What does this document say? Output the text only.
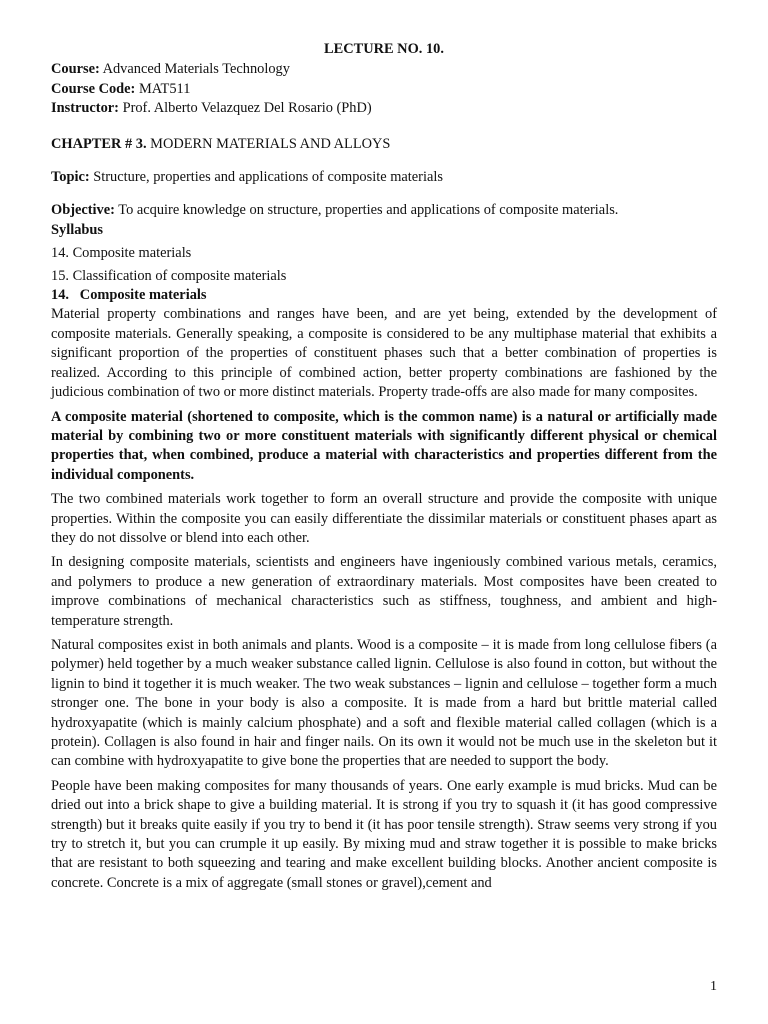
LECTURE NO. 10.
Course: Advanced Materials Technology
Course Code: MAT511
Instructor: Prof. Alberto Velazquez Del Rosario (PhD)
CHAPTER # 3. MODERN MATERIALS AND ALLOYS
Topic: Structure, properties and applications of composite materials
Objective: To acquire knowledge on structure, properties and applications of composite materials.
Syllabus
14. Composite materials
15. Classification of composite materials
14. Composite materials

Material property combinations and ranges have been, and are yet being, extended by the development of composite materials. Generally speaking, a composite is considered to be any multiphase material that exhibits a significant proportion of the properties of constituent phases such that a better combination of properties is realized. According to this principle of combined action, better property combinations are fashioned by the judicious combination of two or more distinct materials. Property trade-offs are also made for many composites.

A composite material (shortened to composite, which is the common name) is a natural or artificially made material by combining two or more constituent materials with significantly different physical or chemical properties that, when combined, produce a material with characteristics and properties different from the individual components.

The two combined materials work together to form an overall structure and provide the composite with unique properties. Within the composite you can easily differentiate the dissimilar materials or constituent phases apart as they do not dissolve or blend into each other.

In designing composite materials, scientists and engineers have ingeniously combined various metals, ceramics, and polymers to produce a new generation of extraordinary materials. Most composites have been created to improve combinations of mechanical characteristics such as stiffness, toughness, and ambient and high-temperature strength.

Natural composites exist in both animals and plants. Wood is a composite – it is made from long cellulose fibers (a polymer) held together by a much weaker substance called lignin. Cellulose is also found in cotton, but without the lignin to bind it together it is much weaker. The two weak substances – lignin and cellulose – together form a much stronger one. The bone in your body is also a composite. It is made from a hard but brittle material called hydroxyapatite (which is mainly calcium phosphate) and a soft and flexible material called collagen (which is a protein). Collagen is also found in hair and finger nails. On its own it would not be much use in the skeleton but it can combine with hydroxyapatite to give bone the properties that are needed to support the body.

People have been making composites for many thousands of years. One early example is mud bricks. Mud can be dried out into a brick shape to give a building material. It is strong if you try to squash it (it has good compressive strength) but it breaks quite easily if you try to bend it (it has poor tensile strength). Straw seems very strong if you try to stretch it, but you can crumple it up easily. By mixing mud and straw together it is possible to make bricks that are resistant to both squeezing and tearing and make excellent building blocks. Another ancient composite is concrete. Concrete is a mix of aggregate (small stones or gravel),cement and

1
